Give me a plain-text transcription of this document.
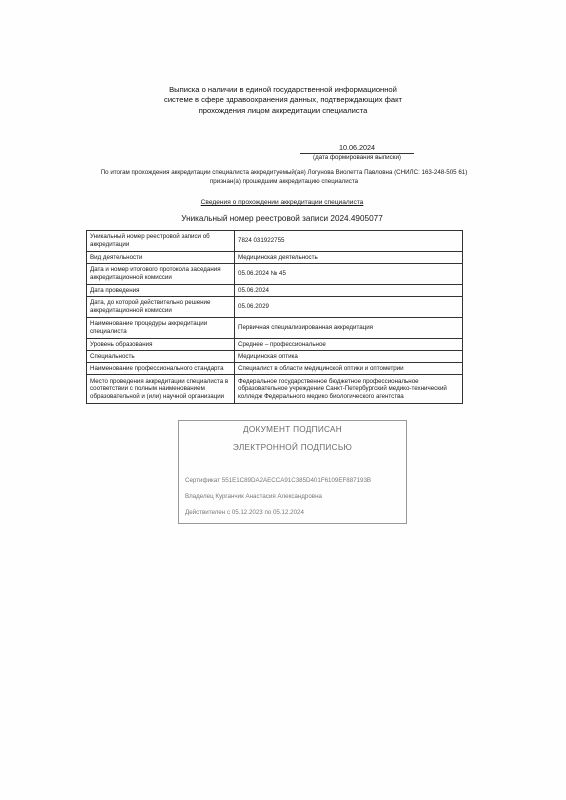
Выписка о наличии в единой государственной информационной
системе в сфере здравоохранения данных, подтверждающих факт
прохождения лицом аккредитации специалиста
10.06.2024
(дата формирования выписки)
По итогам прохождения аккредитации специалиста аккредитуемый(ая) Логунова Виолетта Павловна (СНИЛС: 163-248-505 61)
признан(а) прошедшим аккредитацию специалиста
Сведения о прохождении аккредитации специалиста
Уникальный номер реестровой записи 2024.4905077
Уникальный номер реестровой записи об аккредитации	7824 031922755
Вид деятельности	Медицинская деятельность
Дата и номер итогового протокола заседания аккредитационной комиссии	05.06.2024 № 45
Дата проведения	05.06.2024
Дата, до которой действительно решение аккредитационной комиссии	05.06.2029
Наименование процедуры аккредитации специалиста	Первичная специализированная аккредитация
Уровень образования	Среднее – профессиональное
Специальность	Медицинская оптика
Наименование профессионального стандарта	Специалист в области медицинской оптики и оптометрии
Место проведения аккредитации специалиста в соответствии с полным наименованием образовательной и (или) научной организации	Федеральное государственное бюджетное профессиональное образовательное учреждение Санкт-Петербургский медико-технический колледж Федерального медико биологического агентства
ДОКУМЕНТ ПОДПИСАН
ЭЛЕКТРОННОЙ ПОДПИСЬЮ
Сертификат 551E1C89DA2AECCA91C385D401F6109EF887193B
Владелец Курганчик Анастасия Александровна
Действителен с 05.12.2023 по 05.12.2024
